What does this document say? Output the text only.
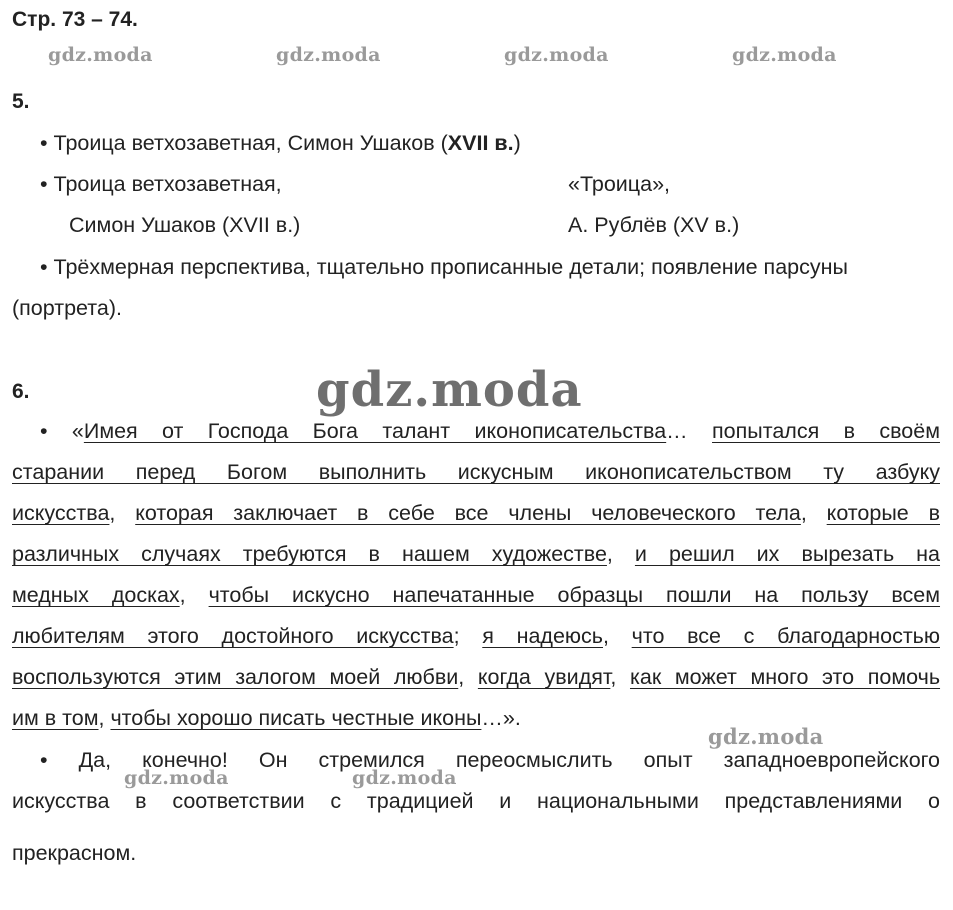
Стр. 73 – 74.
gdz.moda	gdz.moda	gdz.moda	gdz.moda
5.
• Троица ветхозаветная, Симон Ушаков (XVII в.)
• Троица ветхозаветная,	«Троица»,
Симон Ушаков (XVII в.)	А. Рублёв (XV в.)
• Трёхмерная перспектива, тщательно прописанные детали; появление парсуны
(портрета).
6.	gdz.moda
• «Имея от Господа Бога талант иконописательства… попытался в своём
старании перед Богом выполнить искусным иконописательством ту азбуку
искусства, которая заключает в себе все члены человеческого тела, которые в
различных случаях требуются в нашем художестве, и решил их вырезать на
медных досках, чтобы искусно напечатанные образцы пошли на пользу всем
любителям этого достойного искусства; я надеюсь, что все с благодарностью
воспользуются этим залогом моей любви, когда увидят, как может много это помочь
им в том, чтобы хорошо писать честные иконы…».
gdz.moda
gdz.moda	gdz.moda
• Да, конечно! Он стремился переосмыслить опыт западноевропейского
искусства в соответствии с традицией и национальными представлениями о
прекрасном.
